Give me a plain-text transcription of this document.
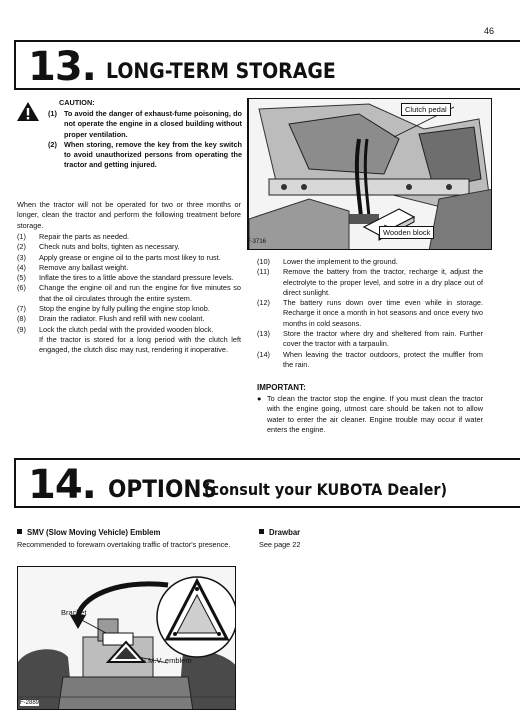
46
13. LONG-TERM STORAGE
CAUTION:
(1) To avoid the danger of exhaust-fume poisoning, do not operate the engine in a closed building without proper ventilation.
(2) When storing, remove the key from the key switch to avoid unauthorized persons from operating the tractor and getting injured.
When the tractor will not be operated for two or three months or longer, clean the tractor and perform the following treatment before storage.
(1) Repair the parts as needed.
(2) Check nuts and bolts, tighten as necessary.
(3) Apply grease or engine oil to the parts most likey to rust.
(4) Remove any ballast weight.
(5) Inflate the tires to a little above the standard pressure levels.
(6) Change the engine oil and run the engine for five minutes so that the oil circulates through the entire system.
(7) Stop the engine by fully pulling the engine stop knob.
(8) Drain the radiator. Flush and refill with new coolant.
(9) Lock the clutch pedal with the provided wooden block.
If the tractor is stored for a long period with the clutch left engaged, the clutch disc may rust, rendering it inoperative.
Clutch pedal
Wooden block
F-3716
(10) Lower the implement to the ground.
(11) Remove the battery from the tractor, recharge it, adjust the electrolyte to the proper level, and sotre in a dry place out of direct sunlight.
(12) The battery runs down over time even while in storage. Recharge it once a month in hot seasons and once every two months in cold seasons.
(13) Store the tractor where dry and sheltered from rain. Further cover the tractor with a tarpaulin.
(14) When leaving the tractor outdoors, protect the muffler from the rain.
IMPORTANT:
● To clean the tractor stop the engine. If you must clean the tractor with the engine going, utmost care should be taken not to allow water to enter the air cleaner. Engine trouble may occur if water enters the engine.
14. OPTIONS
(consult your KUBOTA Dealer)
SMV (Slow Moving Vehicle) Emblem
Recommended to forewarn overtaking traffic of tractor's presence.
Bracket
S.M.V. emblem
F-2889
Drawbar
See page 22
